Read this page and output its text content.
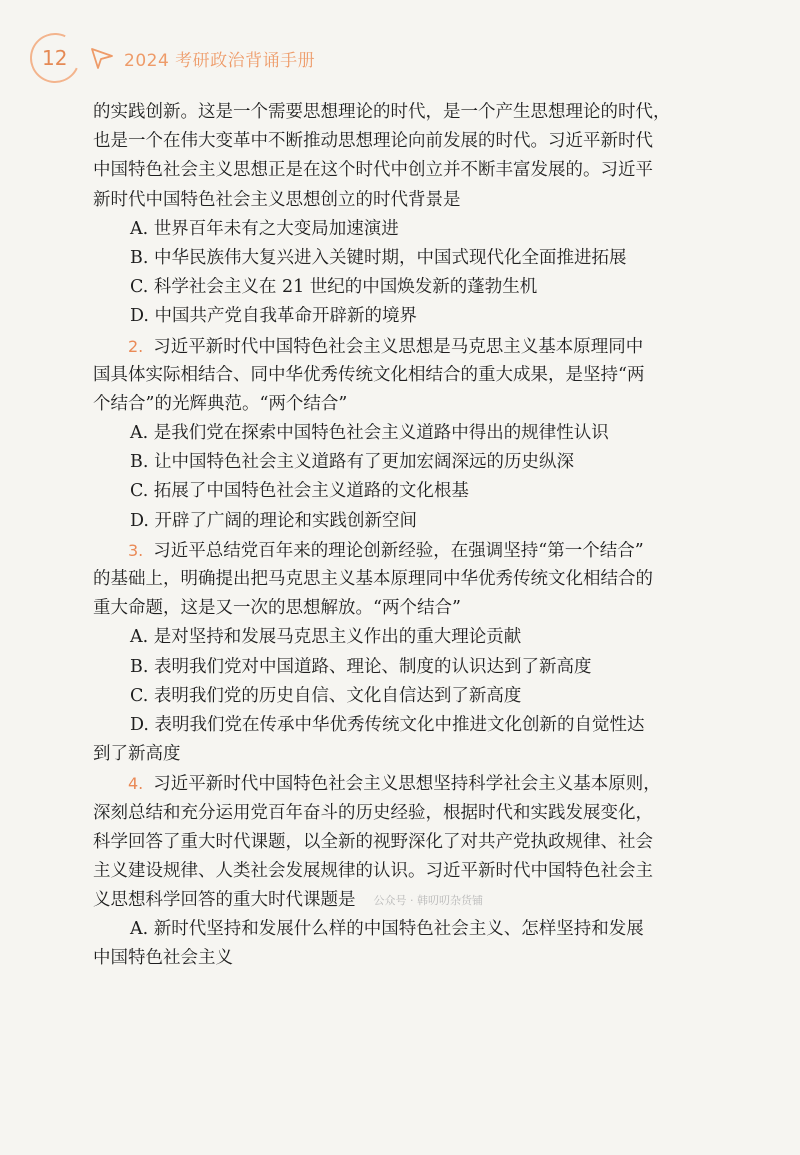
12	2024 考研政治背诵手册
的实践创新。这是一个需要思想理论的时代，是一个产生思想理论的时代，
也是一个在伟大变革中不断推动思想理论向前发展的时代。习近平新时代
中国特色社会主义思想正是在这个时代中创立并不断丰富发展的。习近平
新时代中国特色社会主义思想创立的时代背景是
A. 世界百年未有之大变局加速演进
B. 中华民族伟大复兴进入关键时期，中国式现代化全面推进拓展
C. 科学社会主义在 21 世纪的中国焕发新的蓬勃生机
D. 中国共产党自我革命开辟新的境界
2. 习近平新时代中国特色社会主义思想是马克思主义基本原理同中
国具体实际相结合、同中华优秀传统文化相结合的重大成果，是坚持“两
个结合”的光辉典范。“两个结合”
A. 是我们党在探索中国特色社会主义道路中得出的规律性认识
B. 让中国特色社会主义道路有了更加宏阔深远的历史纵深
C. 拓展了中国特色社会主义道路的文化根基
D. 开辟了广阔的理论和实践创新空间
3. 习近平总结党百年来的理论创新经验，在强调坚持“第一个结合”
的基础上，明确提出把马克思主义基本原理同中华优秀传统文化相结合的
重大命题，这是又一次的思想解放。“两个结合”
A. 是对坚持和发展马克思主义作出的重大理论贡献
B. 表明我们党对中国道路、理论、制度的认识达到了新高度
C. 表明我们党的历史自信、文化自信达到了新高度
D. 表明我们党在传承中华优秀传统文化中推进文化创新的自觉性达
到了新高度
4. 习近平新时代中国特色社会主义思想坚持科学社会主义基本原则，
深刻总结和充分运用党百年奋斗的历史经验，根据时代和实践发展变化，
科学回答了重大时代课题，以全新的视野深化了对共产党执政规律、社会
主义建设规律、人类社会发展规律的认识。习近平新时代中国特色社会主
义思想科学回答的重大时代课题是 公众号 · 韩叨叨杂货铺
A. 新时代坚持和发展什么样的中国特色社会主义、怎样坚持和发展
中国特色社会主义
